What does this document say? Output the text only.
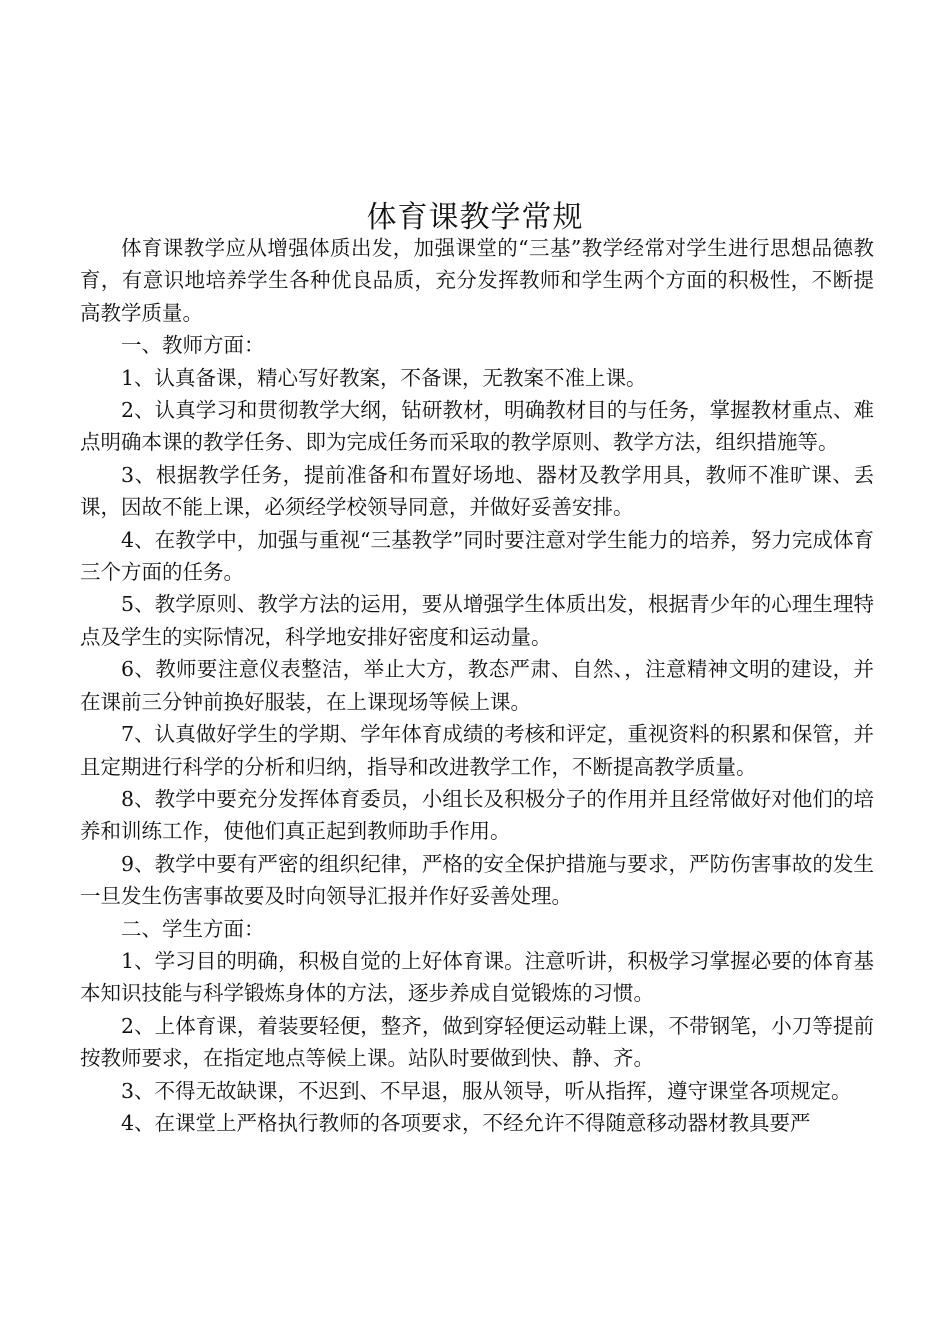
体育课教学常规

体育课教学应从增强体质出发，加强课堂的“三基”教学经常对学生进行思想品德教育，有意识地培养学生各种优良品质，充分发挥教师和学生两个方面的积极性，不断提高教学质量。

一、教师方面：

1、认真备课，精心写好教案，不备课，无教案不准上课。

2、认真学习和贯彻教学大纲，钻研教材，明确教材目的与任务，掌握教材重点、难点明确本课的教学任务、即为完成任务而采取的教学原则、教学方法，组织措施等。

3、根据教学任务，提前准备和布置好场地、器材及教学用具，教师不准旷课、丢课，因故不能上课，必须经学校领导同意，并做好妥善安排。

4、在教学中，加强与重视“三基教学”同时要注意对学生能力的培养，努力完成体育三个方面的任务。

5、教学原则、教学方法的运用，要从增强学生体质出发，根据青少年的心理生理特点及学生的实际情况，科学地安排好密度和运动量。

6、教师要注意仪表整洁，举止大方，教态严肃、自然、，注意精神文明的建设，并在课前三分钟前换好服装，在上课现场等候上课。

7、认真做好学生的学期、学年体育成绩的考核和评定，重视资料的积累和保管，并且定期进行科学的分析和归纳，指导和改进教学工作，不断提高教学质量。

8、教学中要充分发挥体育委员，小组长及积极分子的作用并且经常做好对他们的培养和训练工作，使他们真正起到教师助手作用。

9、教学中要有严密的组织纪律，严格的安全保护措施与要求，严防伤害事故的发生一旦发生伤害事故要及时向领导汇报并作好妥善处理。

二、学生方面：

1、学习目的明确，积极自觉的上好体育课。注意听讲，积极学习掌握必要的体育基本知识技能与科学锻炼身体的方法，逐步养成自觉锻炼的习惯。

2、上体育课，着装要轻便，整齐，做到穿轻便运动鞋上课，不带钢笔，小刀等提前按教师要求，在指定地点等候上课。站队时要做到快、静、齐。

3、不得无故缺课，不迟到、不早退，服从领导，听从指挥，遵守课堂各项规定。

4、在课堂上严格执行教师的各项要求，不经允许不得随意移动器材教具要严
